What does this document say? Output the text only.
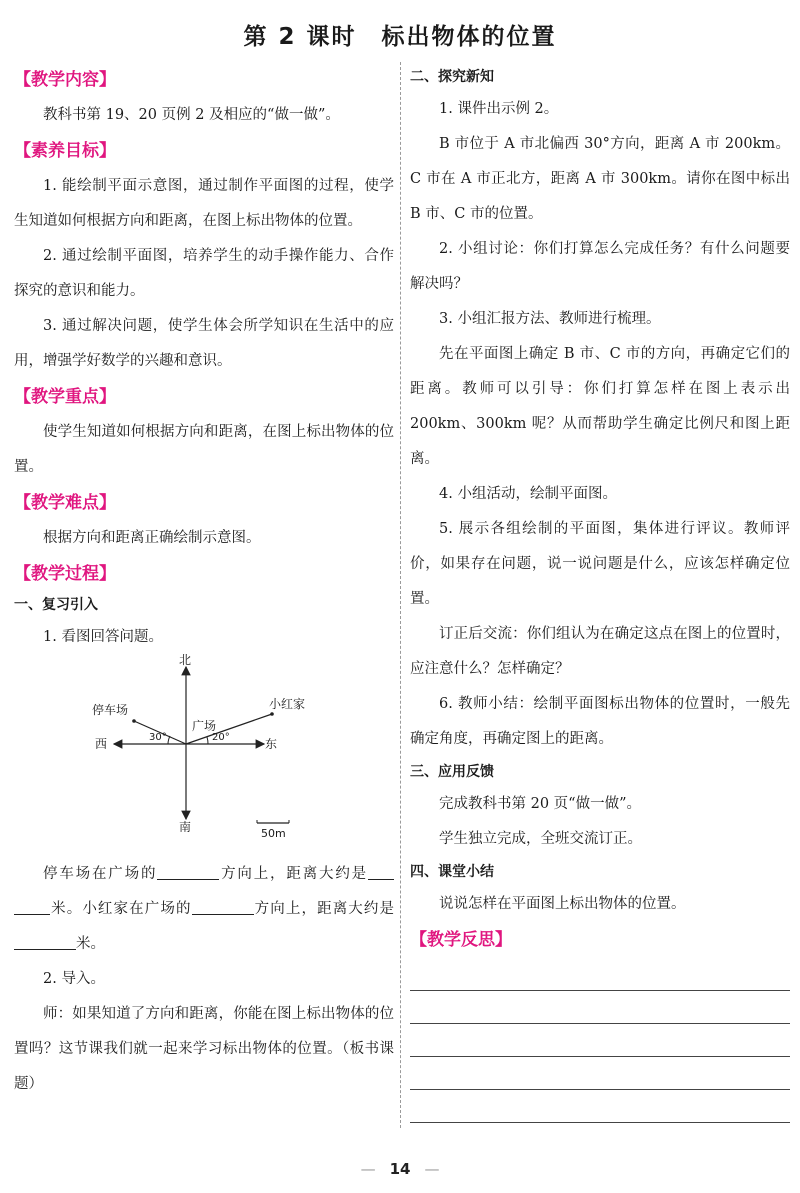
第 2 课时　标出物体的位置
【教学内容】

教科书第 19、20 页例 2 及相应的“做一做”。

【素养目标】

1. 能绘制平面示意图，通过制作平面图的过程，使学生知道如何根据方向和距离，在图上标出物体的位置。

2. 通过绘制平面图，培养学生的动手操作能力、合作探究的意识和能力。

3. 通过解决问题，使学生体会所学知识在生活中的应用，增强学好数学的兴趣和意识。

【教学重点】

使学生知道如何根据方向和距离，在图上标出物体的位置。

【教学难点】

根据方向和距离正确绘制示意图。

【教学过程】
一、复习引入

1. 看图回答问题。

北
南
西	东
停车场	小红家
广场
30°	20°
50m

停车场在广场的	方向上，距离大约是米。小红家在广场的	方向上，距离大约是米。

2. 导入。

师：如果知道了方向和距离，你能在图上标出物体的位置吗？这节课我们就一起来学习标出物体的位置。（板书课题）

二、探究新知

1. 课件出示例 2。

B 市位于 A 市北偏西 30°方向，距离 A 市 200km。C 市在 A 市正北方，距离 A 市 300km。请你在图中标出 B 市、C 市的位置。

2. 小组讨论：你们打算怎么完成任务？有什么问题要解决吗？

3. 小组汇报方法、教师进行梳理。

先在平面图上确定 B 市、C 市的方向，再确定它们的距离。教师可以引导：你们打算怎样在图上表示出 200km、300km 呢？从而帮助学生确定比例尺和图上距离。

4. 小组活动，绘制平面图。

5. 展示各组绘制的平面图，集体进行评议。教师评价，如果存在问题，说一说问题是什么，应该怎样确定位置。

订正后交流：你们组认为在确定这点在图上的位置时，应注意什么？怎样确定？

6. 教师小结：绘制平面图标出物体的位置时，一般先确定角度，再确定图上的距离。

三、应用反馈

完成教科书第 20 页“做一做”。

学生独立完成，全班交流订正。

四、课堂小结

说说怎样在平面图上标出物体的位置。

【教学反思】
— 14 —
